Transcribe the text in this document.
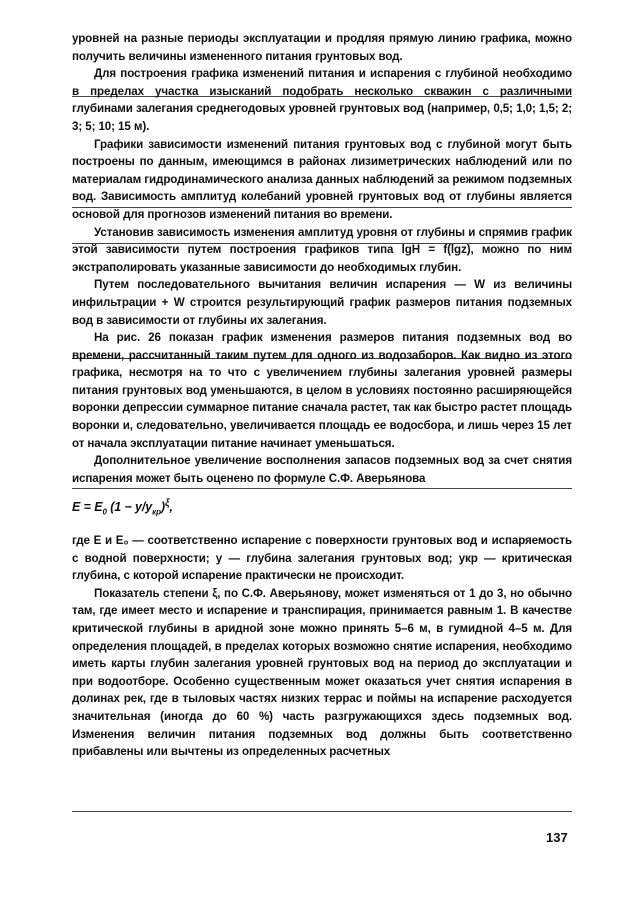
уровней на разные периоды эксплуатации и продляя прямую линию графика, можно получить величины измененного питания грунтовых вод.

Для построения графика изменений питания и испарения с глубиной необходимо в пределах участка изысканий подобрать несколько скважин с различными глубинами залегания среднегодовых уровней грунтовых вод (например, 0,5; 1,0; 1,5; 2; 3; 5; 10; 15 м).

Графики зависимости изменений питания грунтовых вод с глубиной могут быть построены по данным, имеющимся в районах лизиметрических наблюдений или по материалам гидродинамического анализа данных наблюдений за режимом подземных вод. Зависимость амплитуд колебаний уровней грунтовых вод от глубины является основой для прогнозов изменений питания во времени.

Установив зависимость изменения амплитуд уровня от глубины и спрямив график этой зависимости путем построения графиков типа lgH = f(lgz), можно по ним экстраполировать указанные зависимости до необходимых глубин.

Путем последовательного вычитания величин испарения — W из величины инфильтрации + W строится результирующий график размеров питания подземных вод в зависимости от глубины их залегания.

На рис. 26 показан график изменения размеров питания подземных вод во времени, рассчитанный таким путем для одного из водозаборов. Как видно из этого графика, несмотря на то что с увеличением глубины залегания уровней размеры питания грунтовых вод уменьшаются, в целом в условиях постоянно расширяющейся воронки депрессии суммарное питание сначала растет, так как быстро растет площадь воронки и, следовательно, увеличивается площадь ее водосбора, и лишь через 15 лет от начала эксплуатации питание начинает уменьшаться.

Дополнительное увеличение восполнения запасов подземных вод за счет снятия испарения может быть оценено по формуле С.Ф. Аверьянова

$E = E_0$ $(1 - y/y_{кр})^\xi$,

где E и E₀ — соответственно испарение с поверхности грунтовых вод и испаряемость с водной поверхности; y — глубина залегания грунтовых вод; yкр — критическая глубина, с которой испарение практически не происходит.

Показатель степени ξ, по С.Ф. Аверьянову, может изменяться от 1 до 3, но обычно там, где имеет место и испарение и транспирация, принимается равным 1. В качестве критической глубины в аридной зоне можно принять 5–6 м, в гумидной 4–5 м. Для определения площадей, в пределах которых возможно снятие испарения, необходимо иметь карты глубин залегания уровней грунтовых вод на период до эксплуатации и при водоотборе. Особенно существенным может оказаться учет снятия испарения в долинах рек, где в тыловых частях низких террас и поймы на испарение расходуется значительная (иногда до 60 %) часть разгружающихся здесь подземных вод. Изменения величин питания подземных вод должны быть соответственно прибавлены или вычтены из определенных расчетных

137
